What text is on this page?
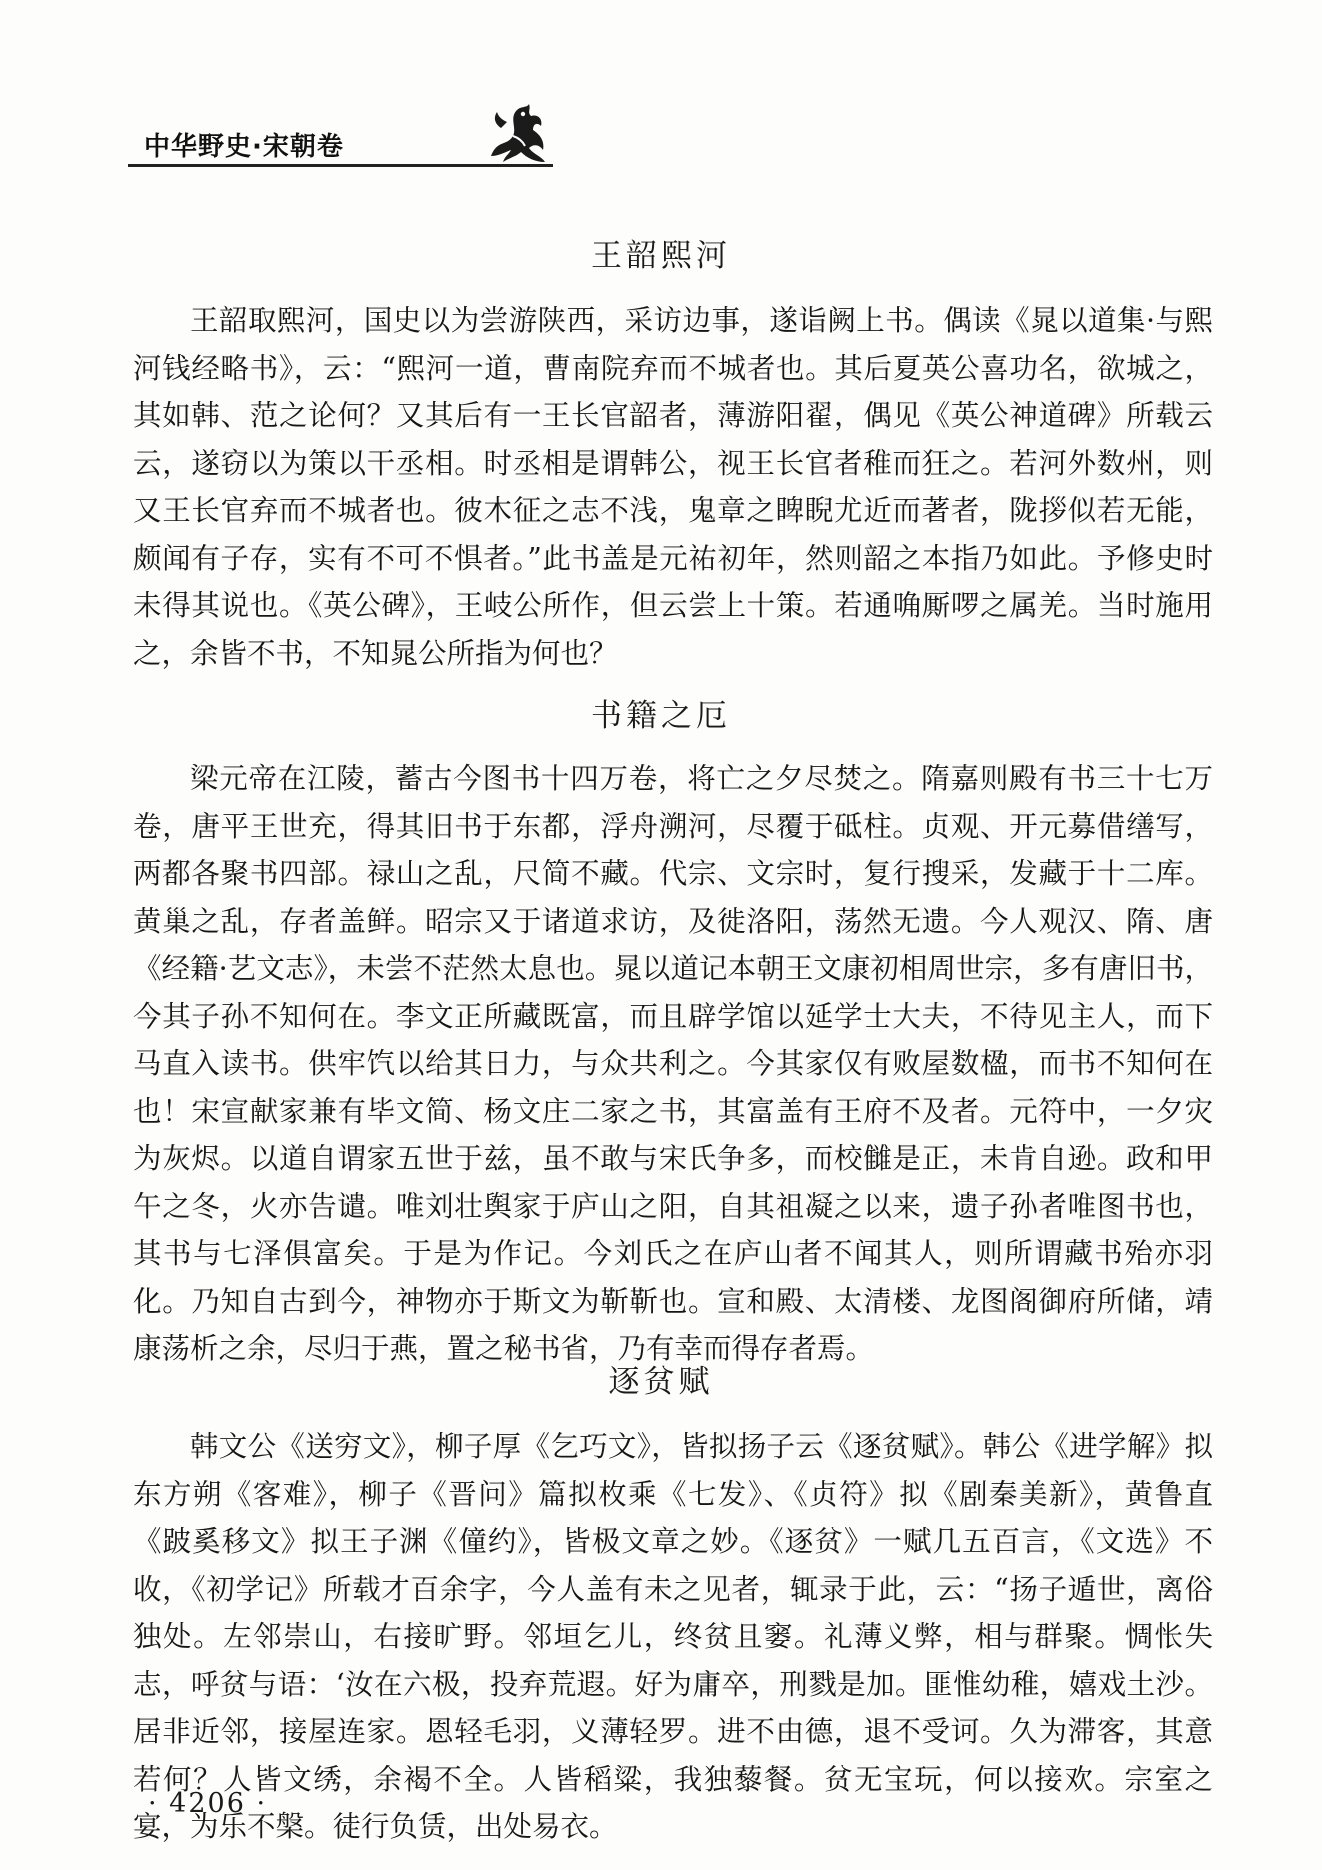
中华野史·宋朝卷
王韶熙河

王韶取熙河，国史以为尝游陕西，采访边事，遂诣阙上书。偶读《晁以道集·与熙河钱经略书》，云：“熙河一道，曹南院弃而不城者也。其后夏英公喜功名，欲城之，其如韩、范之论何？又其后有一王长官韶者，薄游阳翟，偶见《英公神道碑》所载云云，遂窃以为策以干丞相。时丞相是谓韩公，视王长官者稚而狂之。若河外数州，则又王长官弃而不城者也。彼木征之志不浅，鬼章之睥睨尤近而著者，陇拶似若无能，颇闻有子存，实有不可不惧者。”此书盖是元祐初年，然则韶之本指乃如此。予修史时未得其说也。《英公碑》，王岐公所作，但云尝上十策。若通唃厮啰之属羌。当时施用之，余皆不书，不知晁公所指为何也？

书籍之厄

梁元帝在江陵，蓄古今图书十四万卷，将亡之夕尽焚之。隋嘉则殿有书三十七万卷，唐平王世充，得其旧书于东都，浮舟溯河，尽覆于砥柱。贞观、开元募借缮写，两都各聚书四部。禄山之乱，尺简不藏。代宗、文宗时，复行搜采，发藏于十二库。黄巢之乱，存者盖鲜。昭宗又于诸道求访，及徙洛阳，荡然无遗。今人观汉、隋、唐《经籍·艺文志》，未尝不茫然太息也。晁以道记本朝王文康初相周世宗，多有唐旧书，今其子孙不知何在。李文正所藏既富，而且辟学馆以延学士大夫，不待见主人，而下马直入读书。供牢饩以给其日力，与众共利之。今其家仅有败屋数楹，而书不知何在也！宋宣献家兼有毕文简、杨文庄二家之书，其富盖有王府不及者。元符中，一夕灾为灰烬。以道自谓家五世于兹，虽不敢与宋氏争多，而校雠是正，未肯自逊。政和甲午之冬，火亦告谴。唯刘壮舆家于庐山之阳，自其祖凝之以来，遗子孙者唯图书也，其书与七泽俱富矣。于是为作记。今刘氏之在庐山者不闻其人，则所谓藏书殆亦羽化。乃知自古到今，神物亦于斯文为靳靳也。宣和殿、太清楼、龙图阁御府所储，靖康荡析之余，尽归于燕，置之秘书省，乃有幸而得存者焉。

逐贫赋

韩文公《送穷文》，柳子厚《乞巧文》，皆拟扬子云《逐贫赋》。韩公《进学解》拟东方朔《客难》，柳子《晋问》篇拟枚乘《七发》、《贞符》拟《剧秦美新》，黄鲁直《跛奚移文》拟王子渊《僮约》，皆极文章之妙。《逐贫》一赋几五百言，《文选》不收，《初学记》所载才百余字，今人盖有未之见者，辄录于此，云：“扬子遁世，离俗独处。左邻崇山，右接旷野。邻垣乞儿，终贫且窭。礼薄义弊，相与群聚。惆怅失志，呼贫与语：‘汝在六极，投弃荒遐。好为庸卒，刑戮是加。匪惟幼稚，嬉戏土沙。居非近邻，接屋连家。恩轻毛羽，义薄轻罗。进不由德，退不受诃。久为滞客，其意若何？人皆文绣，余褐不全。人皆稻粱，我独藜餐。贫无宝玩，何以接欢。宗室之宴，为乐不槃。徒行负赁，出处易衣。

· 4206 ·
